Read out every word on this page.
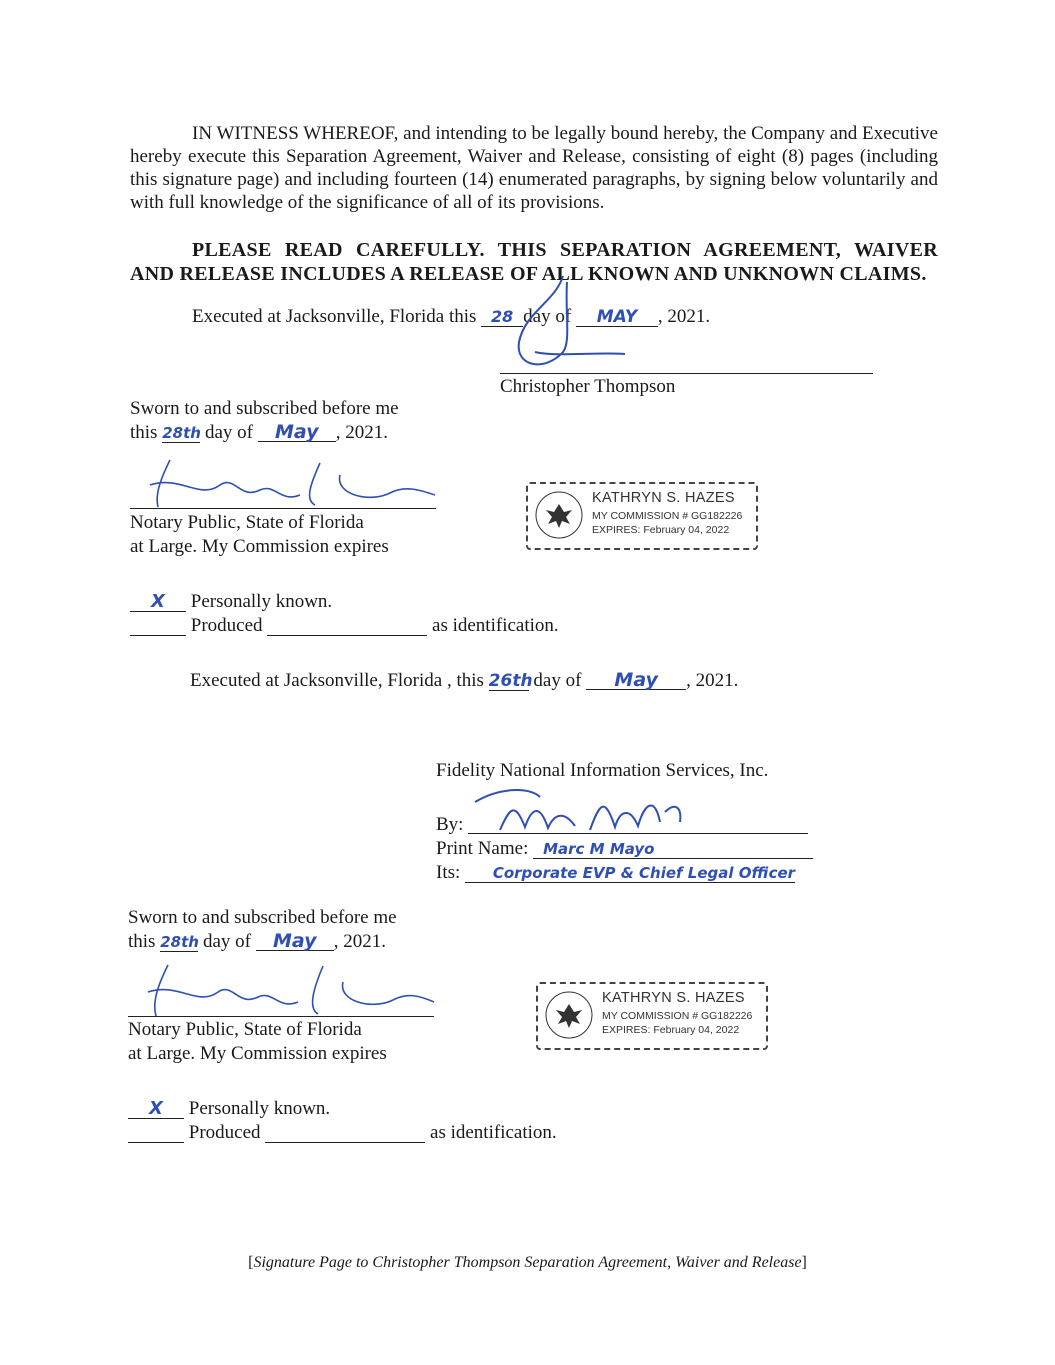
IN WITNESS WHEREOF, and intending to be legally bound hereby, the Company and Executive hereby execute this Separation Agreement, Waiver and Release, consisting of eight (8) pages (including this signature page) and including fourteen (14) enumerated paragraphs, by signing below voluntarily and with full knowledge of the significance of all of its provisions.
PLEASE READ CAREFULLY. THIS SEPARATION AGREEMENT, WAIVER
AND RELEASE INCLUDES A RELEASE OF ALL KNOWN AND UNKNOWN CLAIMS.
Executed at Jacksonville, Florida this 28 day of MAY , 2021.
Christopher Thompson
Sworn to and subscribed before me
this 28th day of May , 2021.
Notary Public, State of Florida
at Large. My Commission expires
KATHRYN S. HAZES
MY COMMISSION # GG182226
EXPIRES: February 04, 2022
X Personally known.
Produced	as identification.
Executed at Jacksonville, Florida , this 26th day of May , 2021.
Fidelity National Information Services, Inc.
By:
Print Name: Marc M Mayo
Its: Corporate EVP & Chief Legal Officer
Sworn to and subscribed before me
this 28th day of May , 2021.
Notary Public, State of Florida
at Large. My Commission expires
KATHRYN S. HAZES
MY COMMISSION # GG182226
EXPIRES: February 04, 2022
X Personally known.
Produced	as identification.
[Signature Page to Christopher Thompson Separation Agreement, Waiver and Release]
